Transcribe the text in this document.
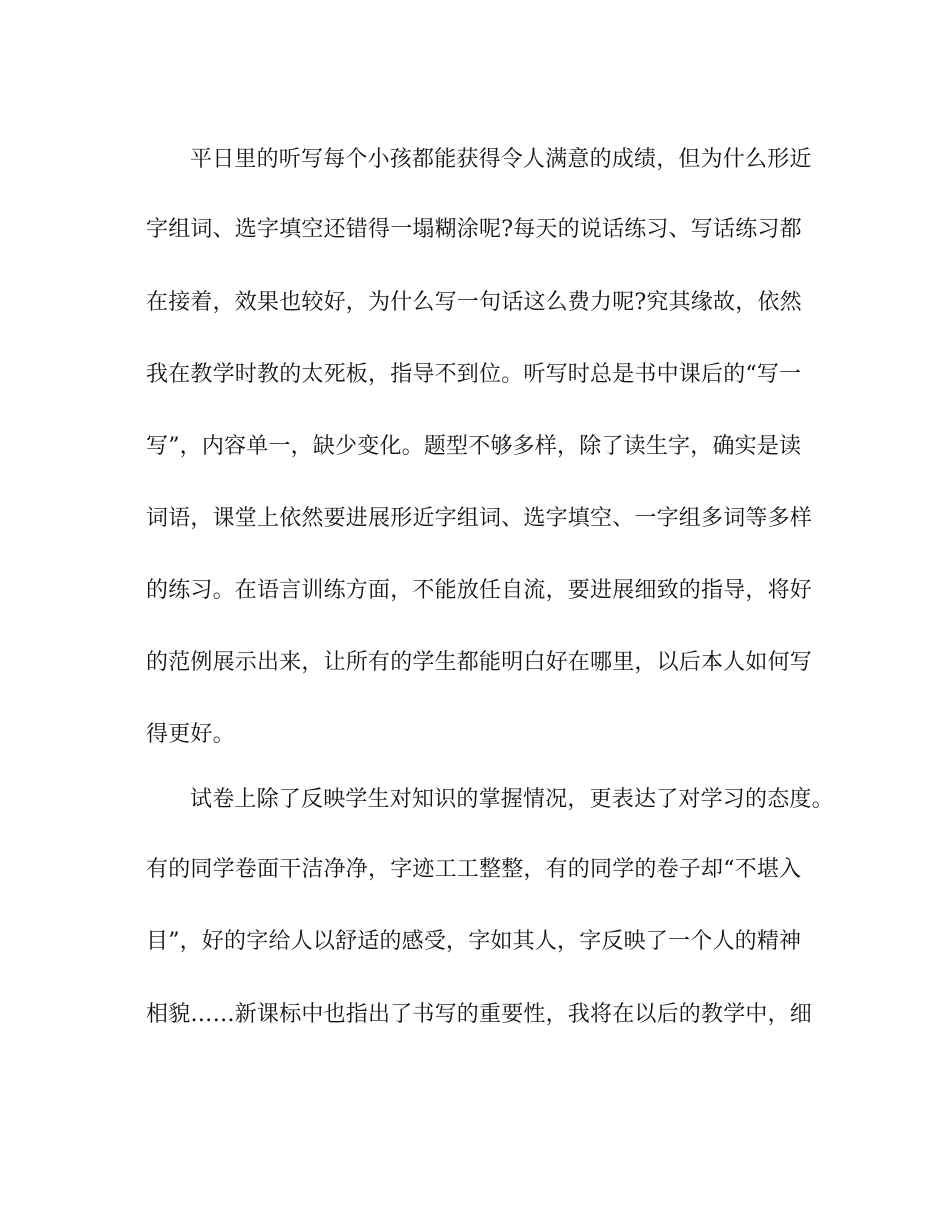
平日里的听写每个小孩都能获得令人满意的成绩，但为什么形近
字组词、选字填空还错得一塌糊涂呢?每天的说话练习、写话练习都
在接着，效果也较好，为什么写一句话这么费力呢?究其缘故，依然
我在教学时教的太死板，指导不到位。听写时总是书中课后的“写一
写”，内容单一，缺少变化。题型不够多样，除了读生字，确实是读
词语，课堂上依然要进展形近字组词、选字填空、一字组多词等多样
的练习。在语言训练方面，不能放任自流，要进展细致的指导，将好
的范例展示出来，让所有的学生都能明白好在哪里，以后本人如何写
得更好。
试卷上除了反映学生对知识的掌握情况，更表达了对学习的态度。
有的同学卷面干洁净净，字迹工工整整，有的同学的卷子却“不堪入
目”，好的字给人以舒适的感受，字如其人，字反映了一个人的精神
相貌……新课标中也指出了书写的重要性，我将在以后的教学中，细
